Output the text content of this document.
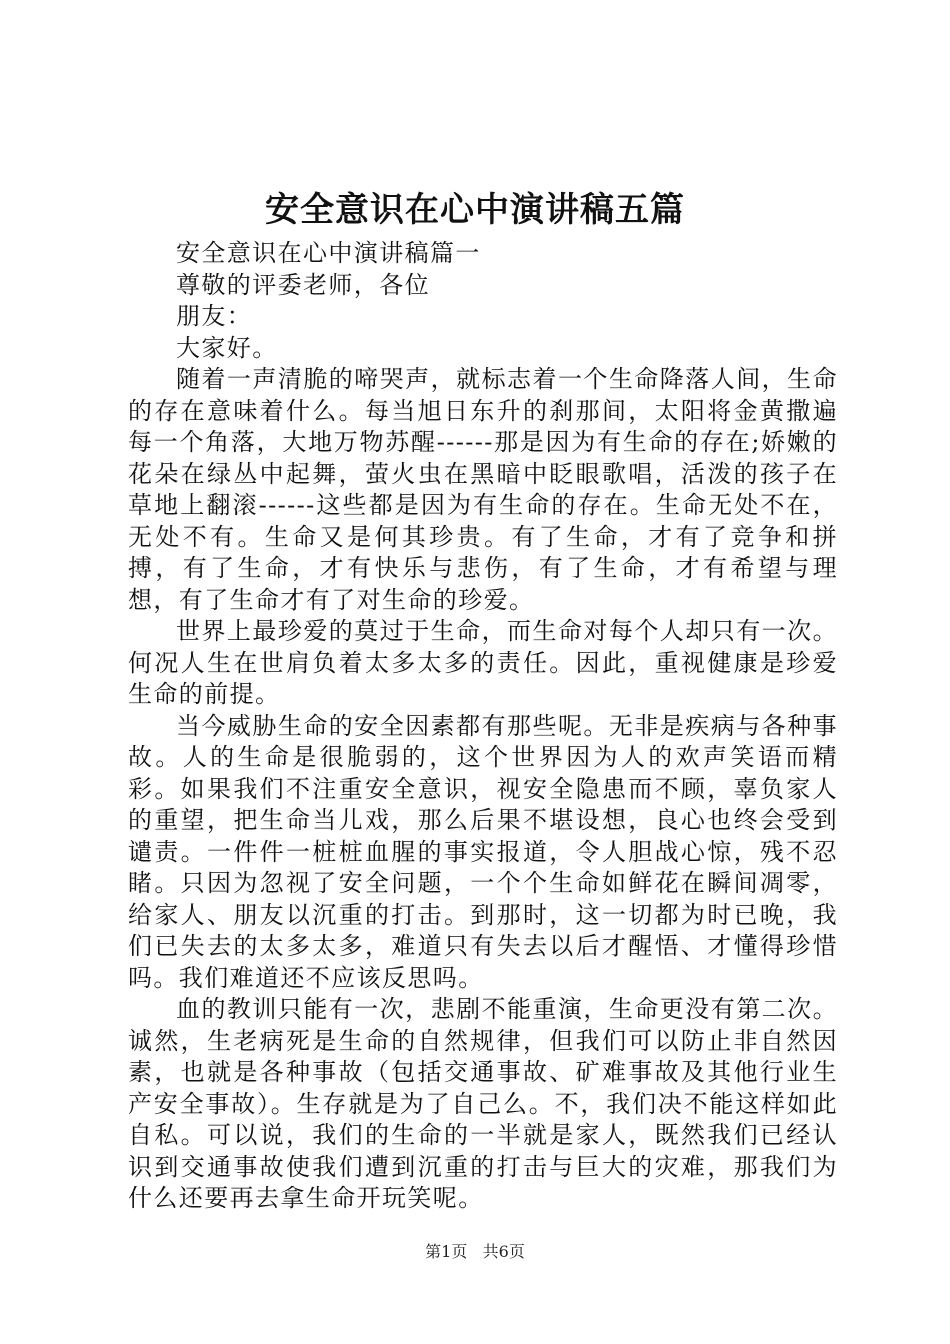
安全意识在心中演讲稿五篇

安全意识在心中演讲稿篇一

尊敬的评委老师，各位

朋友：

大家好。

随着一声清脆的啼哭声，就标志着一个生命降落人间，生命的存在意味着什么。每当旭日东升的刹那间，太阳将金黄撒遍每一个角落，大地万物苏醒------那是因为有生命的存在;娇嫩的花朵在绿丛中起舞，萤火虫在黑暗中眨眼歌唱，活泼的孩子在草地上翻滚------这些都是因为有生命的存在。生命无处不在，无处不有。生命又是何其珍贵。有了生命，才有了竞争和拼搏，有了生命，才有快乐与悲伤，有了生命，才有希望与理想，有了生命才有了对生命的珍爱。

世界上最珍爱的莫过于生命，而生命对每个人却只有一次。何况人生在世肩负着太多太多的责任。因此，重视健康是珍爱生命的前提。

当今威胁生命的安全因素都有那些呢。无非是疾病与各种事故。人的生命是很脆弱的，这个世界因为人的欢声笑语而精彩。如果我们不注重安全意识，视安全隐患而不顾，辜负家人的重望，把生命当儿戏，那么后果不堪设想，良心也终会受到谴责。一件件一桩桩血腥的事实报道，令人胆战心惊，残不忍睹。只因为忽视了安全问题，一个个生命如鲜花在瞬间凋零，给家人、朋友以沉重的打击。到那时，这一切都为时已晚，我们已失去的太多太多，难道只有失去以后才醒悟、才懂得珍惜吗。我们难道还不应该反思吗。

血的教训只能有一次，悲剧不能重演，生命更没有第二次。诚然，生老病死是生命的自然规律，但我们可以防止非自然因素，也就是各种事故（包括交通事故、矿难事故及其他行业生产安全事故）。生存就是为了自己么。不，我们决不能这样如此自私。可以说，我们的生命的一半就是家人，既然我们已经认识到交通事故使我们遭到沉重的打击与巨大的灾难，那我们为什么还要再去拿生命开玩笑呢。

第1页 共6页
